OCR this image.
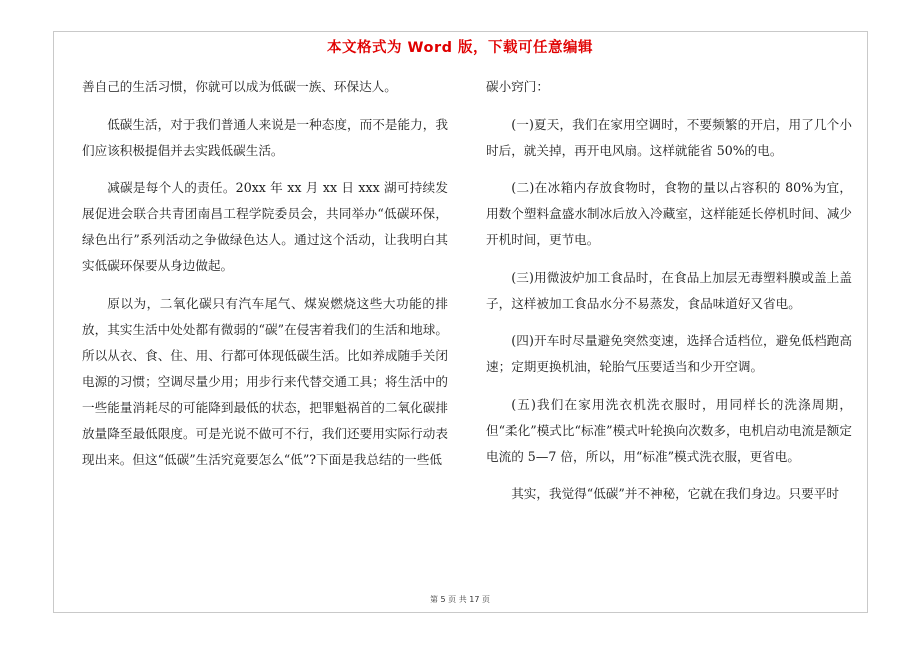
本文格式为 Word 版，下载可任意编辑

善自己的生活习惯，你就可以成为低碳一族、环保达人。

低碳生活，对于我们普通人来说是一种态度，而不是能力，我们应该积极提倡并去实践低碳生活。

减碳是每个人的责任。20xx 年 xx 月 xx 日 xxx 湖可持续发展促进会联合共青团南昌工程学院委员会，共同举办“低碳环保，绿色出行”系列活动之争做绿色达人。通过这个活动，让我明白其实低碳环保要从身边做起。

原以为，二氧化碳只有汽车尾气、煤炭燃烧这些大功能的排放，其实生活中处处都有微弱的“碳”在侵害着我们的生活和地球。所以从衣、食、住、用、行都可体现低碳生活。比如养成随手关闭电源的习惯；空调尽量少用；用步行来代替交通工具；将生活中的一些能量消耗尽的可能降到最低的状态，把罪魁祸首的二氧化碳排放量降至最低限度。可是光说不做可不行，我们还要用实际行动表现出来。但这“低碳”生活究竟要怎么“低”?下面是我总结的一些低

碳小窍门：

(一)夏天，我们在家用空调时，不要频繁的开启，用了几个小时后，就关掉，再开电风扇。这样就能省 50%的电。

(二)在冰箱内存放食物时，食物的量以占容积的 80%为宜，用数个塑料盒盛水制冰后放入冷藏室，这样能延长停机时间、减少开机时间，更节电。

(三)用微波炉加工食品时，在食品上加层无毒塑料膜或盖上盖子，这样被加工食品水分不易蒸发，食品味道好又省电。

(四)开车时尽量避免突然变速，选择合适档位，避免低档跑高速；定期更换机油，轮胎气压要适当和少开空调。

(五)我们在家用洗衣机洗衣服时，用同样长的洗涤周期，但“柔化”模式比“标准”模式叶轮换向次数多，电机启动电流是额定电流的 5—7 倍，所以，用“标准”模式洗衣服，更省电。

其实，我觉得“低碳”并不神秘，它就在我们身边。只要平时

第 5 页 共 17 页
